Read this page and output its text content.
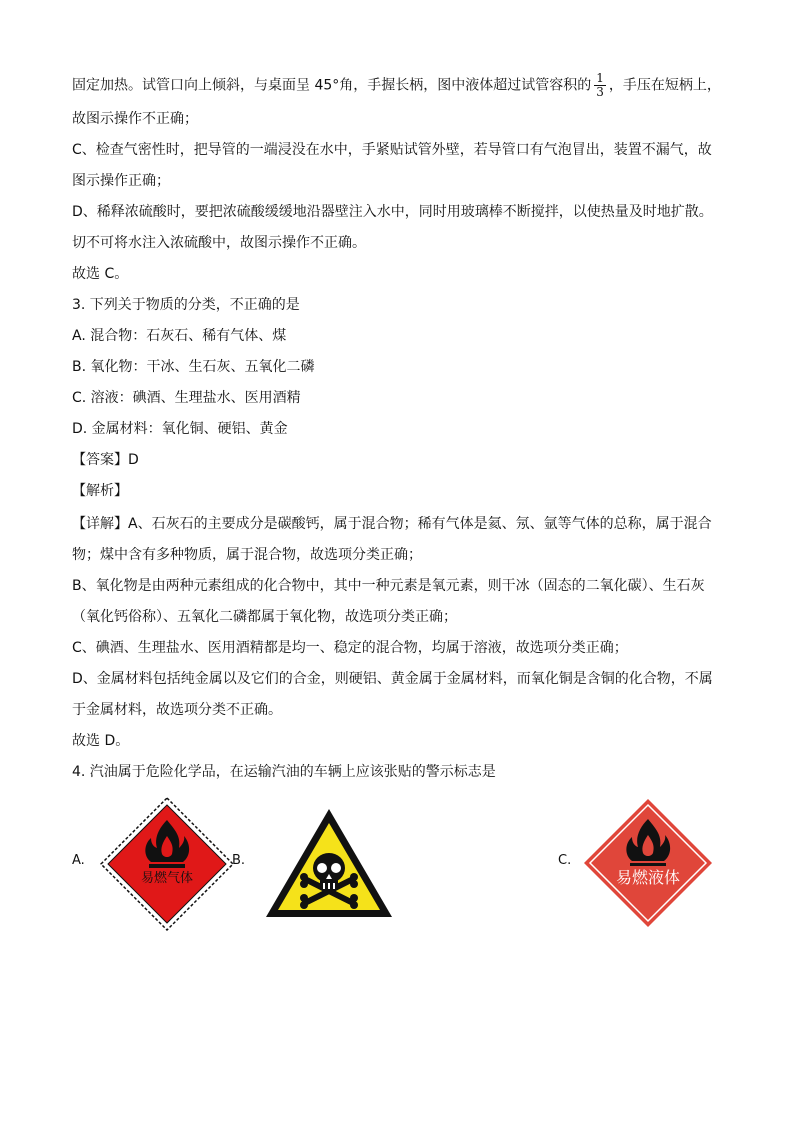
固定加热。试管口向上倾斜，与桌面呈 45°角，手握长柄，图中液体超过试管容积的 $\frac{1}{3}$ ，手压在短柄上，
故图示操作不正确；
C、检查气密性时，把导管的一端浸没在水中，手紧贴试管外壁，若导管口有气泡冒出，装置不漏气，故
图示操作正确；
D、稀释浓硫酸时，要把浓硫酸缓缓地沿器壁注入水中，同时用玻璃棒不断搅拌，以使热量及时地扩散。
切不可将水注入浓硫酸中，故图示操作不正确。
故选 C。
3. 下列关于物质的分类，不正确的是
A. 混合物：石灰石、稀有气体、煤
B. 氧化物：干冰、生石灰、五氧化二磷
C. 溶液：碘酒、生理盐水、医用酒精
D. 金属材料：氧化铜、硬铝、黄金
【答案】D
【解析】
【详解】A、石灰石的主要成分是碳酸钙，属于混合物；稀有气体是氦、氖、氩等气体的总称，属于混合
物；煤中含有多种物质，属于混合物，故选项分类正确；
B、氧化物是由两种元素组成的化合物中，其中一种元素是氧元素，则干冰（固态的二氧化碳）、生石灰
（氧化钙俗称）、五氧化二磷都属于氧化物，故选项分类正确；
C、碘酒、生理盐水、医用酒精都是均一、稳定的混合物，均属于溶液，故选项分类正确；
D、金属材料包括纯金属以及它们的合金，则硬铝、黄金属于金属材料，而氧化铜是含铜的化合物，不属
于金属材料，故选项分类不正确。
故选 D。
4. 汽油属于危险化学品，在运输汽油的车辆上应该张贴的警示标志是
A.	B.	C.
易燃气体	易燃液体
